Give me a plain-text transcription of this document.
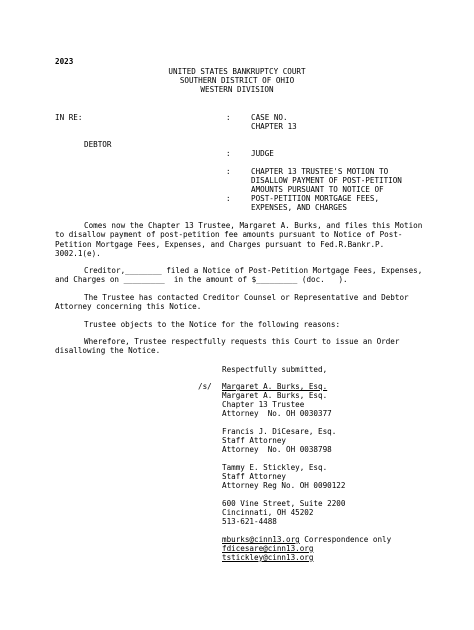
2023
UNITED STATES BANKRUPTCY COURT
SOUTHERN DISTRICT OF OHIO
WESTERN DIVISION
IN RE:	:	CASE NO.
CHAPTER 13
DEBTOR
:	JUDGE
:	CHAPTER 13 TRUSTEE'S MOTION TO
DISALLOW PAYMENT OF POST-PETITION
AMOUNTS PURSUANT TO NOTICE OF
:	POST-PETITION MORTGAGE FEES,
EXPENSES, AND CHARGES
Comes now the Chapter 13 Trustee, Margaret A. Burks, and files this Motion to disallow payment of post-petition fee amounts pursuant to Notice of Post-Petition Mortgage Fees, Expenses, and Charges pursuant to Fed.R.Bankr.P. 3002.1(e).
Creditor,________ filed a Notice of Post-Petition Mortgage Fees, Expenses, and Charges on _________  in the amount of $_________ (doc.   ).
The Trustee has contacted Creditor Counsel or Representative and Debtor Attorney concerning this Notice.
Trustee objects to the Notice for the following reasons:
Wherefore, Trustee respectfully requests this Court to issue an Order disallowing the Notice.
Respectfully submitted,
/s/ Margaret A. Burks, Esq.
Margaret A. Burks, Esq.
Chapter 13 Trustee
Attorney  No. OH 0030377
Francis J. DiCesare, Esq.
Staff Attorney
Attorney  No. OH 0038798
Tammy E. Stickley, Esq.
Staff Attorney
Attorney Reg No. OH 0090122
600 Vine Street, Suite 2200
Cincinnati, OH 45202
513-621-4488
mburks@cinn13.org Correspondence only
fdicesare@cinn13.org
tstickley@cinn13.org
